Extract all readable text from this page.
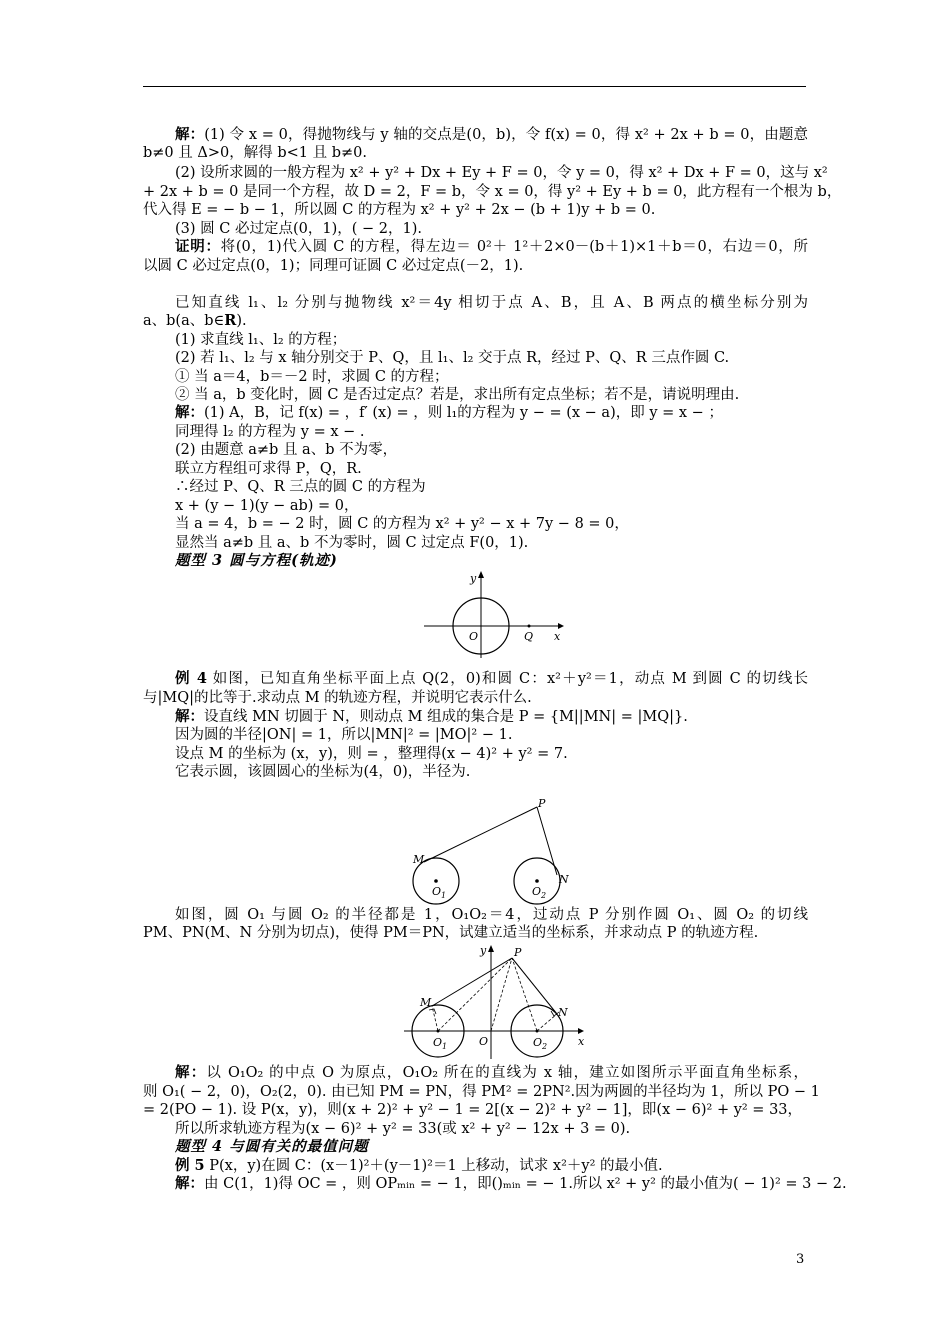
解：(1) 令 x = 0，得抛物线与 y 轴的交点是(0，b)，令 f(x) = 0，得 x² + 2x + b = 0，由题意
b≠0 且 Δ>0，解得 b<1 且 b≠0.
(2) 设所求圆的一般方程为 x² + y² + Dx + Ey + F = 0，令 y = 0，得 x² + Dx + F = 0，这与 x²
+ 2x + b = 0 是同一个方程，故 D = 2，F = b，令 x = 0，得 y² + Ey + b = 0，此方程有一个根为 b，
代入得 E = − b − 1，所以圆 C 的方程为 x² + y² + 2x − (b + 1)y + b = 0.
(3) 圆 C 必过定点(0，1)，( − 2，1).
证明：将(0，1)代入圆 C 的方程，得左边＝ 0²＋ 1²＋2×0－(b＋1)×1＋b＝0，右边＝0，所
以圆 C 必过定点(0，1)；同理可证圆 C 必过定点(－2，1).
已知直线 l₁、l₂ 分别与抛物线 x²＝4y 相切于点 A、B，且 A、B 两点的横坐标分别为
a、b(a、b∈R).
(1) 求直线 l₁、l₂ 的方程；
(2) 若 l₁、l₂ 与 x 轴分别交于 P、Q，且 l₁、l₂ 交于点 R，经过 P、Q、R 三点作圆 C.
① 当 a＝4，b＝－2 时，求圆 C 的方程；
② 当 a，b 变化时，圆 C 是否过定点？若是，求出所有定点坐标；若不是，请说明理由.
解：(1) A，B，记 f(x) = ，f′ (x) = ，则 l₁的方程为 y − = (x − a)，即 y = x − ；
同理得 l₂ 的方程为 y = x − .
(2) 由题意 a≠b 且 a、b 不为零，
联立方程组可求得 P，Q，R.
∴经过 P、Q、R 三点的圆 C 的方程为
x + (y − 1)(y − ab) = 0，
当 a = 4，b = − 2 时，圆 C 的方程为 x² + y² − x + 7y − 8 = 0，
显然当 a≠b 且 a、b 不为零时，圆 C 过定点 F(0，1).
题型 3 圆与方程(轨迹)
例 4 如图，已知直角坐标平面上点 Q(2，0)和圆 C：x²＋y²＝1，动点 M 到圆 C 的切线长
与|MQ|的比等于.求动点 M 的轨迹方程，并说明它表示什么.
解：设直线 MN 切圆于 N，则动点 M 组成的集合是 P = {M||MN| = |MQ|}.
因为圆的半径|ON| = 1，所以|MN|² = |MO|² − 1.
设点 M 的坐标为 (x，y)，则 = ，整理得(x − 4)² + y² = 7.
它表示圆，该圆圆心的坐标为(4，0)，半径为.
如图，圆 O₁ 与圆 O₂ 的半径都是 1，O₁O₂＝4，过动点 P 分别作圆 O₁、圆 O₂ 的切线
PM、PN(M、N 分别为切点)，使得 PM＝PN，试建立适当的坐标系，并求动点 P 的轨迹方程.
解：以 O₁O₂ 的中点 O 为原点，O₁O₂ 所在的直线为 x 轴，建立如图所示平面直角坐标系，
则 O₁( − 2，0)，O₂(2，0). 由已知 PM = PN，得 PM² = 2PN².因为两圆的半径均为 1，所以 PO − 1
= 2(PO − 1). 设 P(x，y)，则(x + 2)² + y² − 1 = 2[(x − 2)² + y² − 1]，即(x − 6)² + y² = 33，
所以所求轨迹方程为(x − 6)² + y² = 33(或 x² + y² − 12x + 3 = 0).
题型 4 与圆有关的最值问题
例 5 P(x，y)在圆 C：(x－1)²＋(y－1)²＝1 上移动，试求 x²＋y² 的最小值.
解：由 C(1，1)得 OC = ，则 OPₘᵢₙ = − 1，即()ₘᵢₙ = − 1.所以 x² + y² 的最小值为( − 1)² = 3 − 2.
y
x
O	Q
P
M
N
$O_1$	$O_2$
y
x
P
M
N
O
$O_1$	$O_2$
3
